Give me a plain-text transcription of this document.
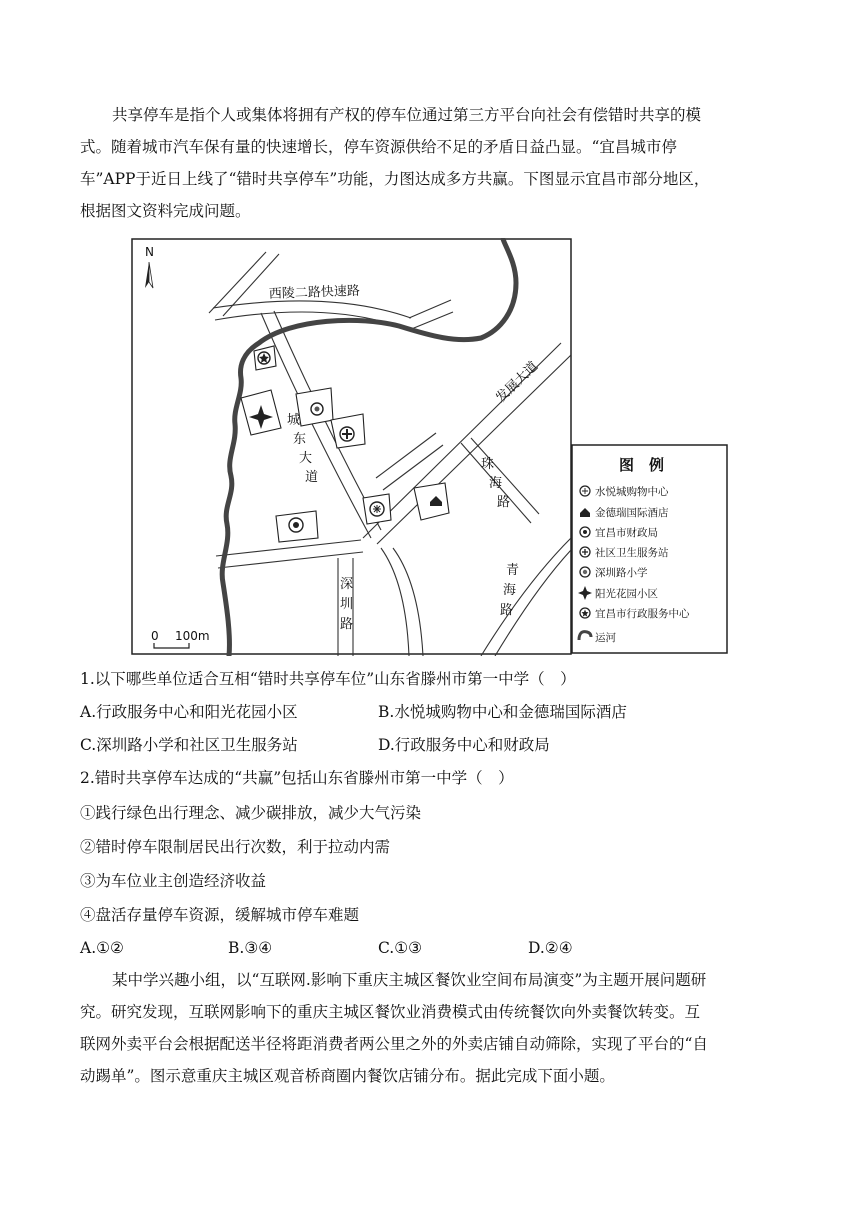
共享停车是指个人或集体将拥有产权的停车位通过第三方平台向社会有偿错时共享的模

式。随着城市汽车保有量的快速增长，停车资源供给不足的矛盾日益凸显。“宜昌城市停

车”APP于近日上线了“错时共享停车”功能，力图达成多方共赢。下图显示宜昌市部分地区，

根据图文资料完成问题。

N
西陵二路快速路
城
东
大
道
发展大道
珠
海
路
青
海
路
深
圳
路
0 100m
图　例
水悦城购物中心
金德瑞国际酒店
宜昌市财政局
社区卫生服务站
深圳路小学
阳光花园小区
宜昌市行政服务中心
运河

1.以下哪些单位适合互相“错时共享停车位”山东省滕州市第一中学（　）

A.行政服务中心和阳光花园小区	B.水悦城购物中心和金德瑞国际酒店
C.深圳路小学和社区卫生服务站	D.行政服务中心和财政局

2.错时共享停车达成的“共赢”包括山东省滕州市第一中学（　）

①践行绿色出行理念、减少碳排放，减少大气污染

②错时停车限制居民出行次数，利于拉动内需

③为车位业主创造经济收益

④盘活存量停车资源，缓解城市停车难题

A.①②	B.③④	C.①③	D.②④

某中学兴趣小组，以“互联网.影响下重庆主城区餐饮业空间布局演变”为主题开展问题研

究。研究发现，互联网影响下的重庆主城区餐饮业消费模式由传统餐饮向外卖餐饮转变。互

联网外卖平台会根据配送半径将距消费者两公里之外的外卖店铺自动筛除，实现了平台的“自

动踢单”。图示意重庆主城区观音桥商圈内餐饮店铺分布。据此完成下面小题。
